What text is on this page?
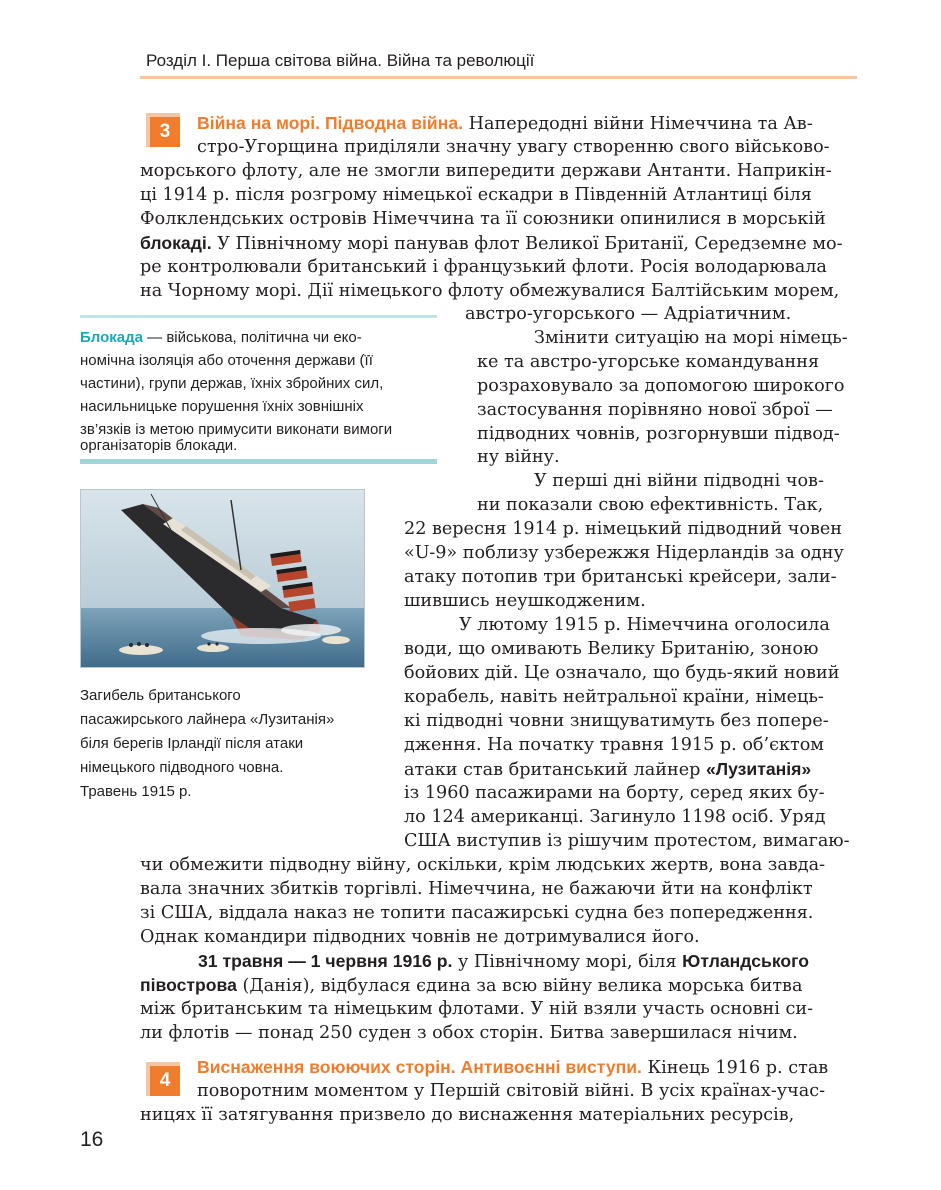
Розділ І. Перша світова війна. Війна та революції
3	Війна на морі. Підводна війна. Напередодні війни Німеччина та Ав-
стро-Угорщина приділяли значну увагу створенню свого військово-
морського флоту, але не змогли випередити держави Антанти. Наприкін-
ці 1914 р. після розгрому німецької ескадри в Південній Атлантиці біля
Фолклендських островів Німеччина та її союзники опинилися в морській
блокаді. У Північному морі панував флот Великої Британії, Середземне мо-
ре контролювали британський і французький флоти. Росія володарювала
на Чорному морі. Дії німецького флоту обмежувалися Балтійським морем,
австро-угорського — Адріатичним.
Змінити ситуацію на морі німець-
ке та австро-угорське командування
розраховувало за допомогою широкого
застосування порівняно нової зброї —
підводних човнів, розгорнувши підвод-
ну війну.
У перші дні війни підводні чов-
ни показали свою ефективність. Так,
22 вересня 1914 р. німецький підводний човен
«U-9» поблизу узбережжя Нідерландів за одну
атаку потопив три британські крейсери, зали-
шившись неушкодженим.
У лютому 1915 р. Німеччина оголосила
води, що омивають Велику Британію, зоною
бойових дій. Це означало, що будь-який новий
корабель, навіть нейтральної країни, німець-
кі підводні човни знищуватимуть без попере-
дження. На початку травня 1915 р. об’єктом
атаки став британський лайнер «Лузитанія»
із 1960 пасажирами на борту, серед яких бу-
ло 124 американці. Загинуло 1198 осіб. Уряд
США виступив із рішучим протестом, вимагаю-
чи обмежити підводну війну, оскільки, крім людських жертв, вона завда-
вала значних збитків торгівлі. Німеччина, не бажаючи йти на конфлікт
зі США, віддала наказ не топити пасажирські судна без попередження.
Однак командири підводних човнів не дотримувалися його.
31 травня — 1 червня 1916 р. у Північному морі, біля Ютландського
півострова (Данія), відбулася єдина за всю війну велика морська битва
між британським та німецьким флотами. У ній взяли участь основні си-
ли флотів — понад 250 суден з обох сторін. Битва завершилася нічим.
Блокада — військова, політична чи еко-
номічна ізоляція або оточення держави (її
частини), групи держав, їхніх збройних сил,
насильницьке порушення їхніх зовнішніх
зв’язків із метою примусити виконати вимоги
організаторів блокади.
Загибель британського
пасажирського лайнера «Лузитанія»
біля берегів Ірландії після атаки
німецького підводного човна.
Травень 1915 р.
4
Виснаження воюючих сторін. Антивоєнні виступи. Кінець 1916 р. став
поворотним моментом у Першій світовій війні. В усіх країнах-учас-
ницях її затягування призвело до виснаження матеріальних ресурсів,
16
